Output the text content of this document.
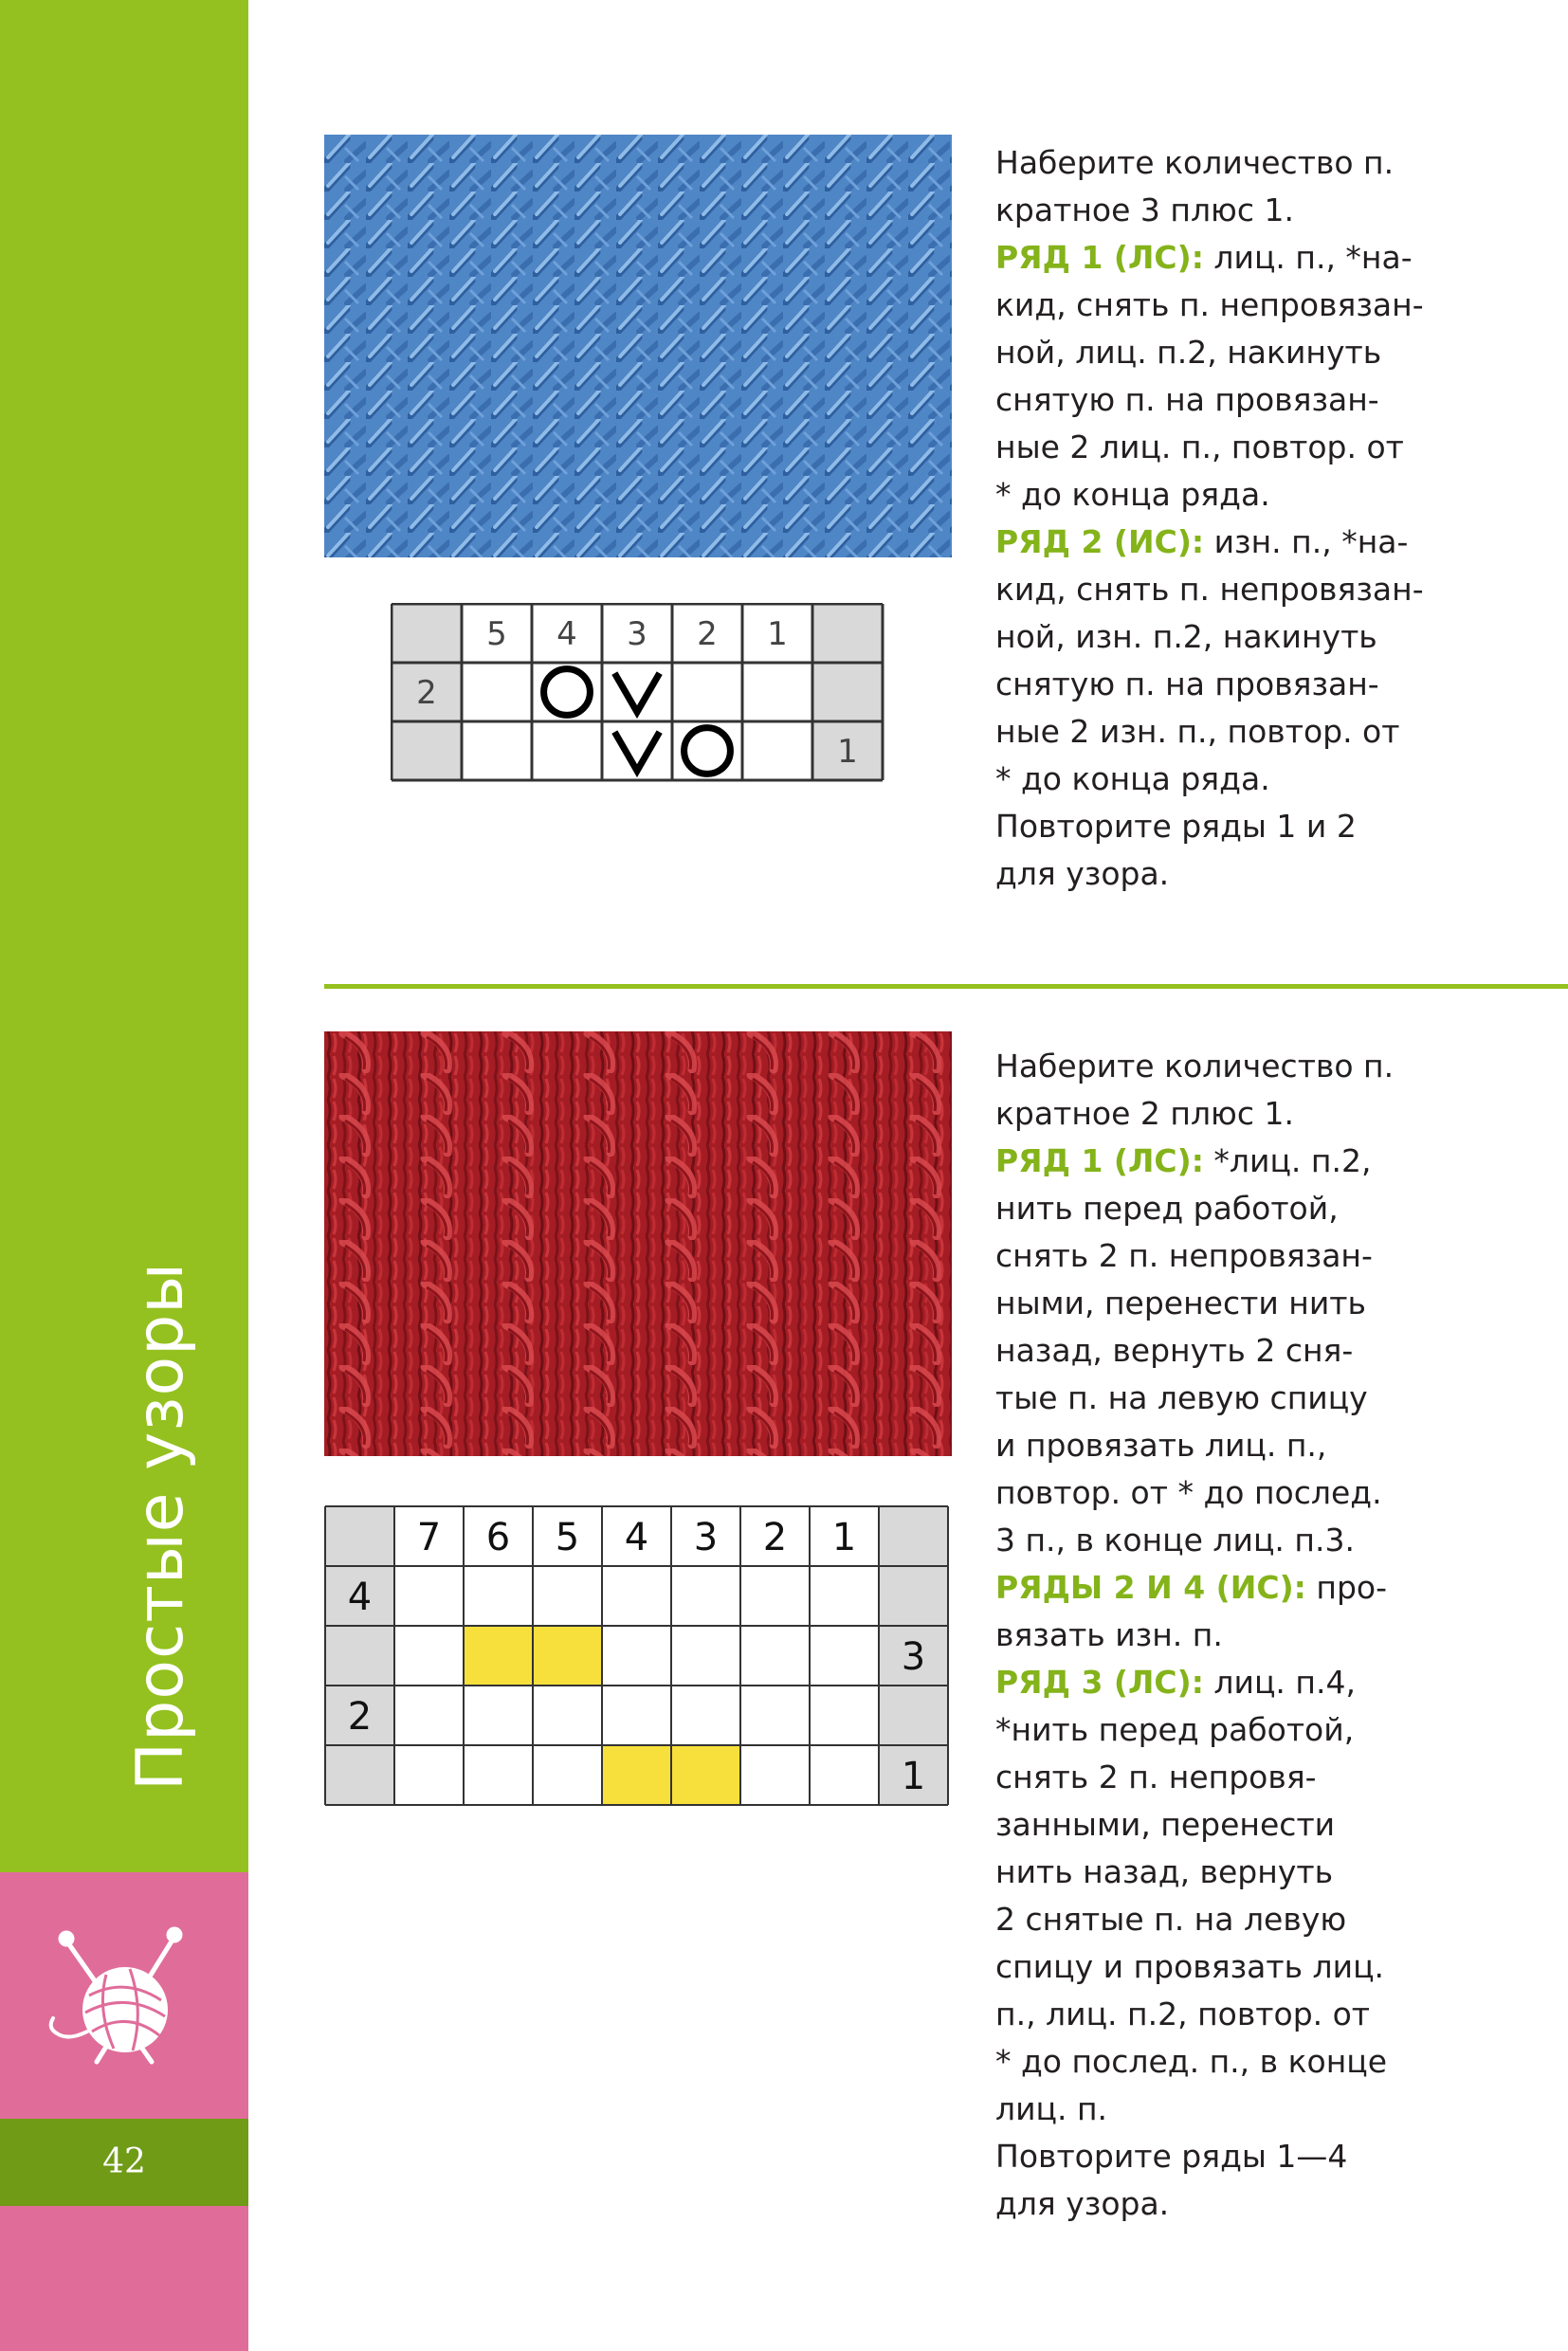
Простые узоры
42
5 4 3 2 1
2
1
Наберите количество п.
кратное 3 плюс 1.
РЯД 1 (ЛС): лиц. п., *на-
кид, снять п. непровязан-
ной, лиц. п.2, накинуть
снятую п. на провязан-
ные 2 лиц. п., повтор. от
* до конца ряда.
РЯД 2 (ИС): изн. п., *на-
кид, снять п. непровязан-
ной, изн. п.2, накинуть
снятую п. на провязан-
ные 2 изн. п., повтор. от
* до конца ряда.
Повторите ряды 1 и 2
для узора.
7 6 5 4 3 2 1
4
3
2
1
Наберите количество п.
кратное 2 плюс 1.
РЯД 1 (ЛС): *лиц. п.2,
нить перед работой,
снять 2 п. непровязан-
ными, перенести нить
назад, вернуть 2 сня-
тые п. на левую спицу
и провязать лиц. п.,
повтор. от * до послед.
3 п., в конце лиц. п.3.
РЯДЫ 2 И 4 (ИС): про-
вязать изн. п.
РЯД 3 (ЛС): лиц. п.4,
*нить перед работой,
снять 2 п. непровя-
занными, перенести
нить назад, вернуть
2 снятые п. на левую
спицу и провязать лиц.
п., лиц. п.2, повтор. от
* до послед. п., в конце
лиц. п.
Повторите ряды 1—4
для узора.
